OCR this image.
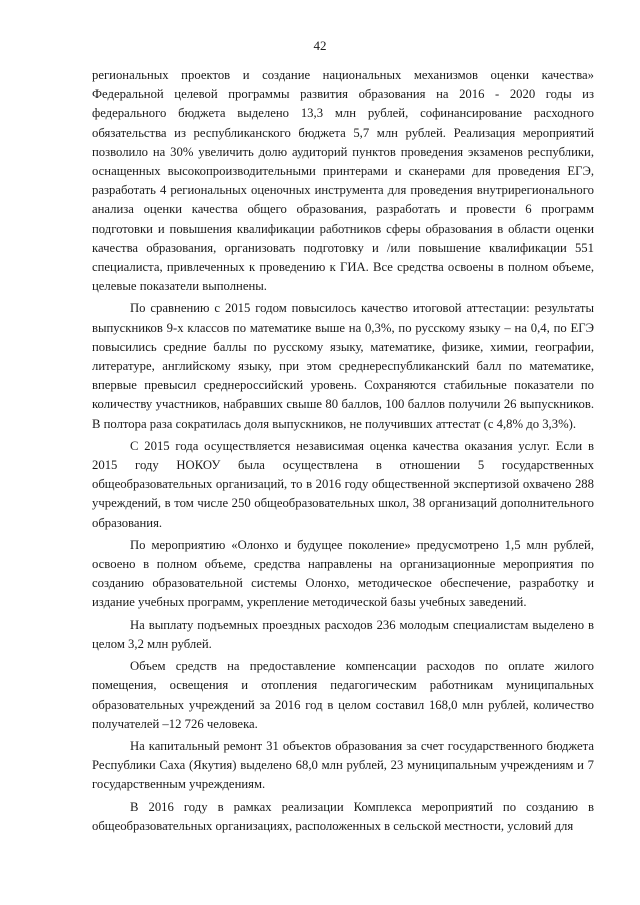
42

региональных проектов и создание национальных механизмов оценки качества» Федеральной целевой программы развития образования на 2016 - 2020 годы из федерального бюджета выделено 13,3 млн рублей, софинансирование расходного обязательства из республиканского бюджета 5,7 млн рублей. Реализация мероприятий позволило на 30% увеличить долю аудиторий пунктов проведения экзаменов республики, оснащенных высокопроизводительными принтерами и сканерами для проведения ЕГЭ, разработать 4 региональных оценочных инструмента для проведения внутрирегионального анализа оценки качества общего образования, разработать и провести 6 программ подготовки и повышения квалификации работников сферы образования в области оценки качества образования, организовать подготовку и /или повышение квалификации 551 специалиста, привлеченных к проведению к ГИА. Все средства освоены в полном объеме, целевые показатели выполнены.

По сравнению с 2015 годом повысилось качество итоговой аттестации: результаты выпускников 9-х классов по математике выше на 0,3%, по русскому языку – на 0,4, по ЕГЭ повысились средние баллы по русскому языку, математике, физике, химии, географии, литературе, английскому языку, при этом среднереспубликанский балл по математике, впервые превысил среднероссийский уровень. Сохраняются стабильные показатели по количеству участников, набравших свыше 80 баллов, 100 баллов получили 26 выпускников. В полтора раза сократилась доля выпускников, не получивших аттестат (с 4,8% до 3,3%).

С 2015 года осуществляется независимая оценка качества оказания услуг. Если в 2015 году НОКОУ была осуществлена в отношении 5 государственных общеобразовательных организаций, то в 2016 году общественной экспертизой охвачено 288 учреждений, в том числе 250 общеобразовательных школ, 38 организаций дополнительного образования.

По мероприятию «Олонхо и будущее поколение» предусмотрено 1,5 млн рублей, освоено в полном объеме, средства направлены на организационные мероприятия по созданию образовательной системы Олонхо, методическое обеспечение, разработку и издание учебных программ, укрепление методической базы учебных заведений.

На выплату подъемных проездных расходов 236 молодым специалистам выделено в целом 3,2 млн рублей.

Объем средств на предоставление компенсации расходов по оплате жилого помещения, освещения и отопления педагогическим работникам муниципальных образовательных учреждений за 2016 год в целом составил 168,0 млн рублей, количество получателей –12 726 человека.

На капитальный ремонт 31 объектов образования за счет государственного бюджета Республики Саха (Якутия) выделено 68,0 млн рублей, 23 муниципальным учреждениям и 7 государственным учреждениям.

В 2016 году в рамках реализации Комплекса мероприятий по созданию в общеобразовательных организациях, расположенных в сельской местности, условий для
